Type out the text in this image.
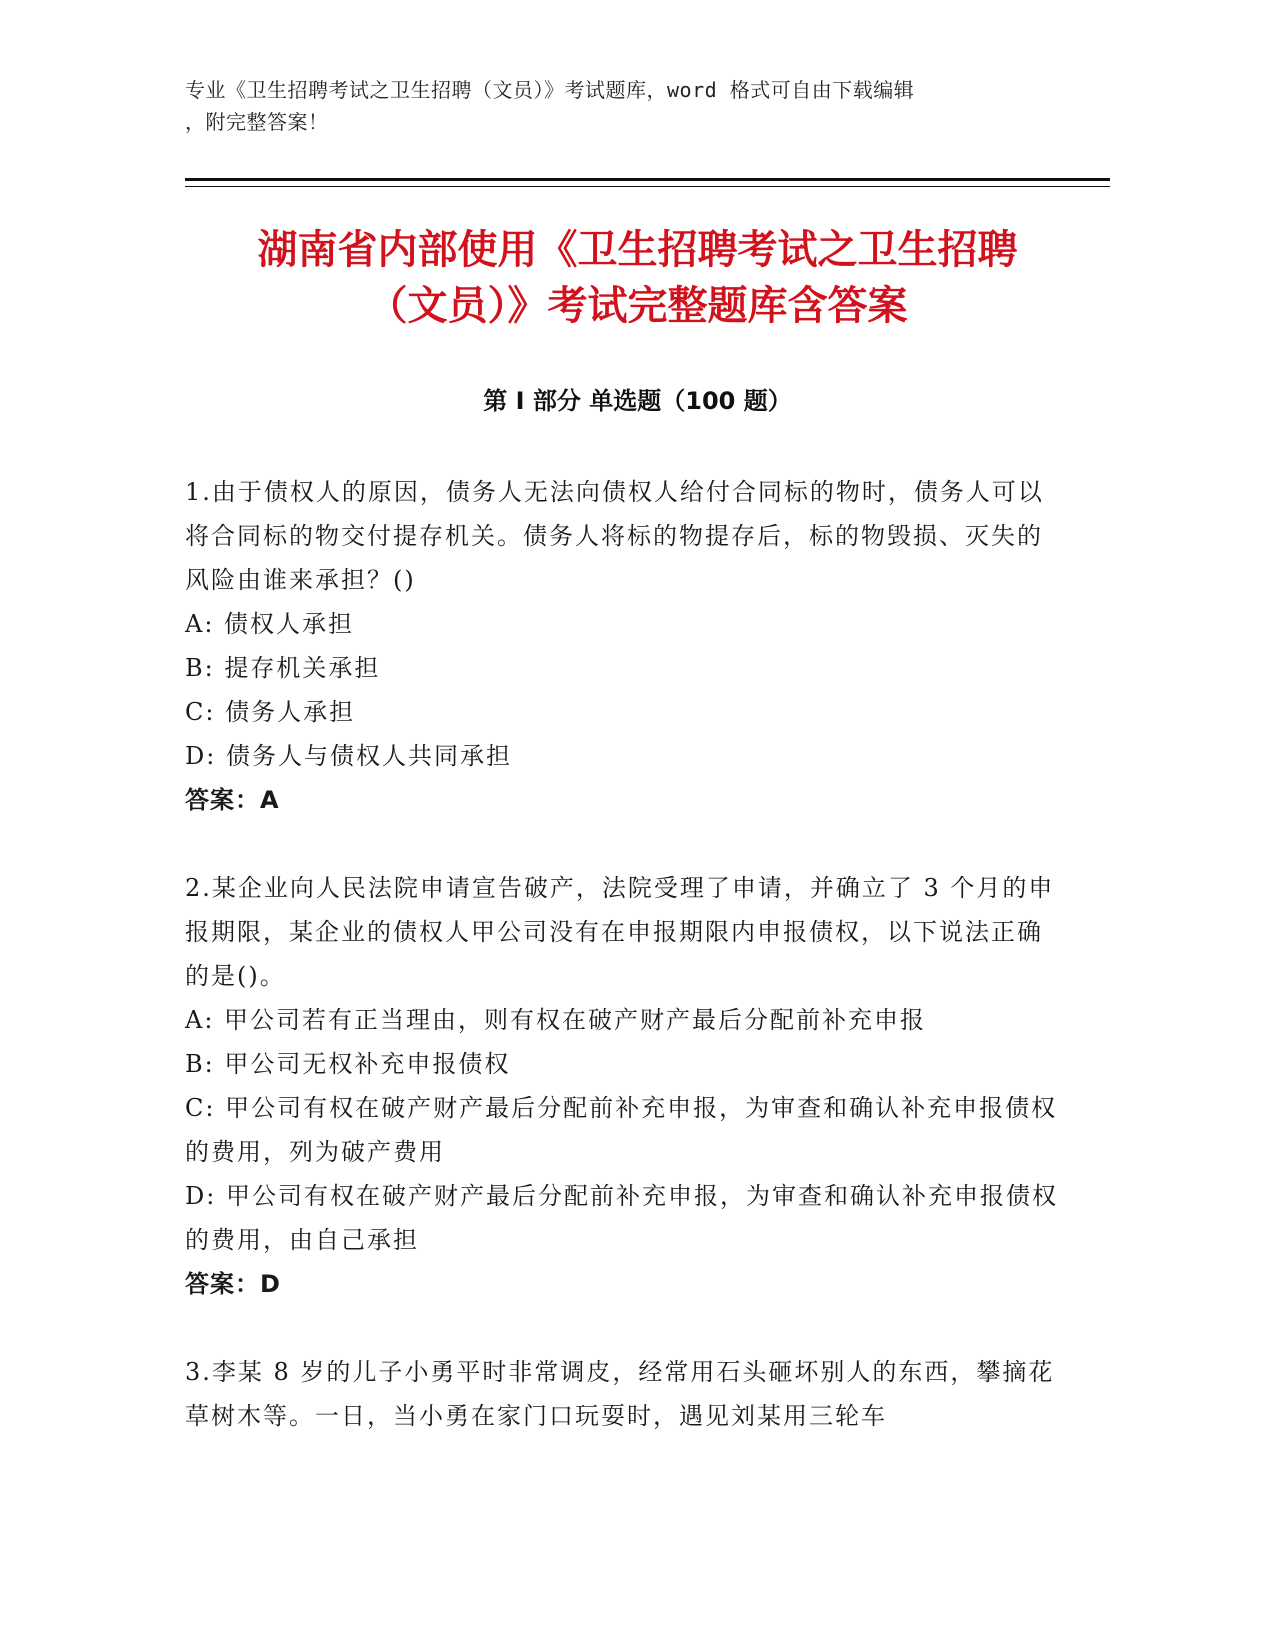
专业《卫生招聘考试之卫生招聘（文员）》考试题库，word 格式可自由下载编辑
，附完整答案！
湖南省内部使用《卫生招聘考试之卫生招聘
（文员）》考试完整题库含答案
第 I 部分 单选题（100 题）

1.由于债权人的原因，债务人无法向债权人给付合同标的物时，债务人可以将合同标的物交付提存机关。债务人将标的物提存后，标的物毁损、灭失的风险由谁来承担？()

A: 债权人承担

B: 提存机关承担

C: 债务人承担

D: 债务人与债权人共同承担

答案：A

2.某企业向人民法院申请宣告破产，法院受理了申请，并确立了 3 个月的申报期限，某企业的债权人甲公司没有在申报期限内申报债权，以下说法正确的是()。

A: 甲公司若有正当理由，则有权在破产财产最后分配前补充申报

B: 甲公司无权补充申报债权

C: 甲公司有权在破产财产最后分配前补充申报，为审查和确认补充申报债权的费用，列为破产费用

D: 甲公司有权在破产财产最后分配前补充申报，为审查和确认补充申报债权的费用，由自己承担

答案：D

3.李某 8 岁的儿子小勇平时非常调皮，经常用石头砸坏别人的东西，攀摘花草树木等。一日，当小勇在家门口玩耍时，遇见刘某用三轮车
